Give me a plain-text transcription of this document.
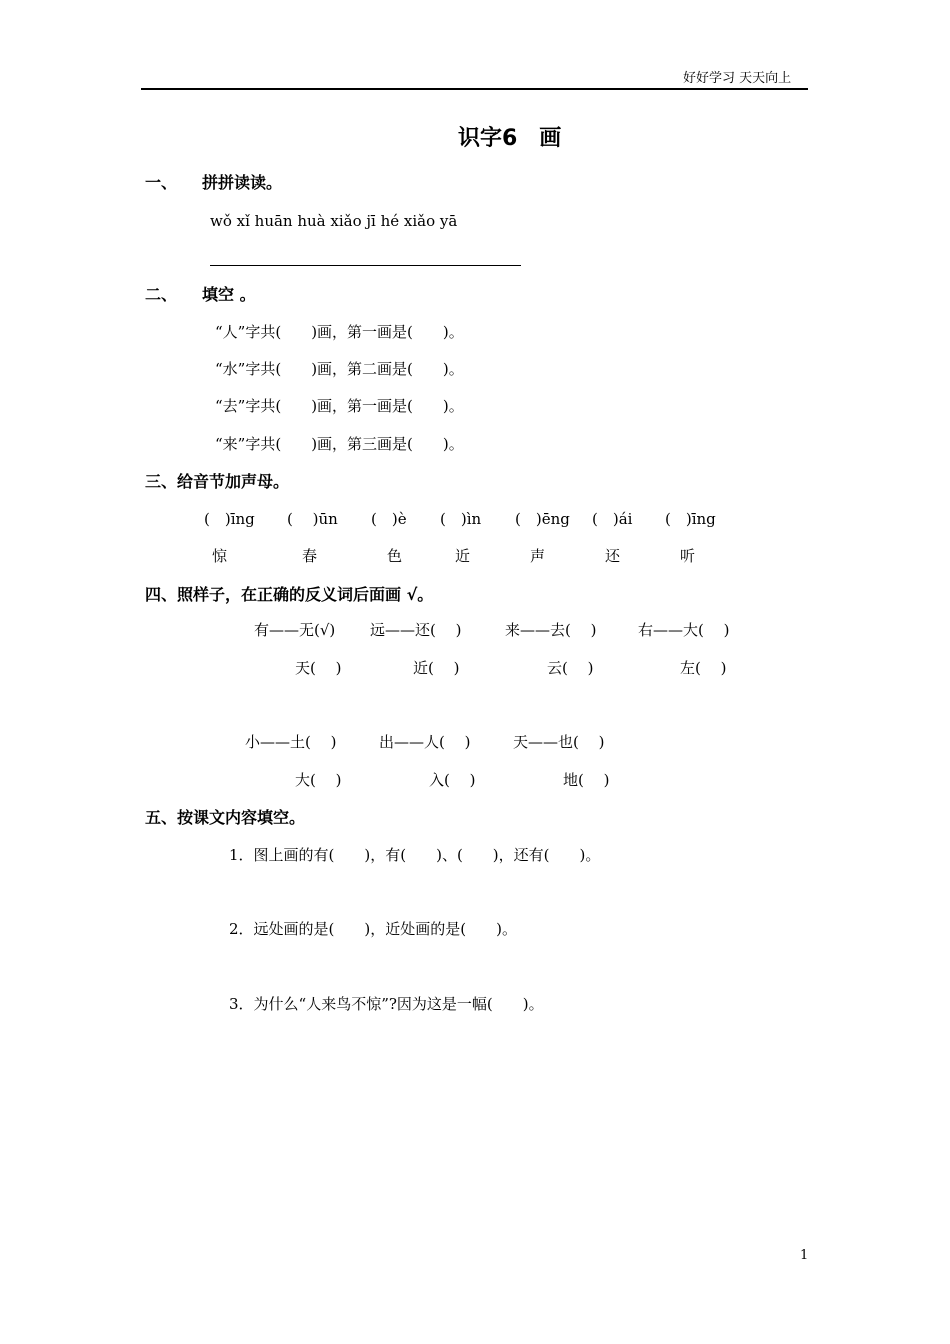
好好学习 天天向上
识字6　画
一、 拼拼读读。
wǒ xǐ huān huà xiǎo jī hé xiǎo yā
二、 填空 。
“人”字共(　　)画，第一画是(　　)。
“水”字共(　　)画，第二画是(　　)。
“去”字共(　　)画，第一画是(　　)。
“来”字共(　　)画，第三画是(　　)。
三、给音节加声母。
(　)īng (　 )ūn (　)è (　)ìn (　)ēng (　)ái (　)īng
惊	春	色	近	声	还	听
四、照样子，在正确的反义词后面画 √。
有——无(√) 远——还(　 )	来——去(　 )	右——大(　 )
天(　 )	近(　 )	云(　 )	左(　 )
小——土(　 )	出——人(　 )	天——也(　 )
大(　 )	入(　 )	地(　 )
五、按课文内容填空。
1．图上画的有(　　)，有(　　)、(　　)，还有(　　)。
2．远处画的是(　　)，近处画的是(　　)。
3．为什么“人来鸟不惊”?因为这是一幅(　　)。
1
